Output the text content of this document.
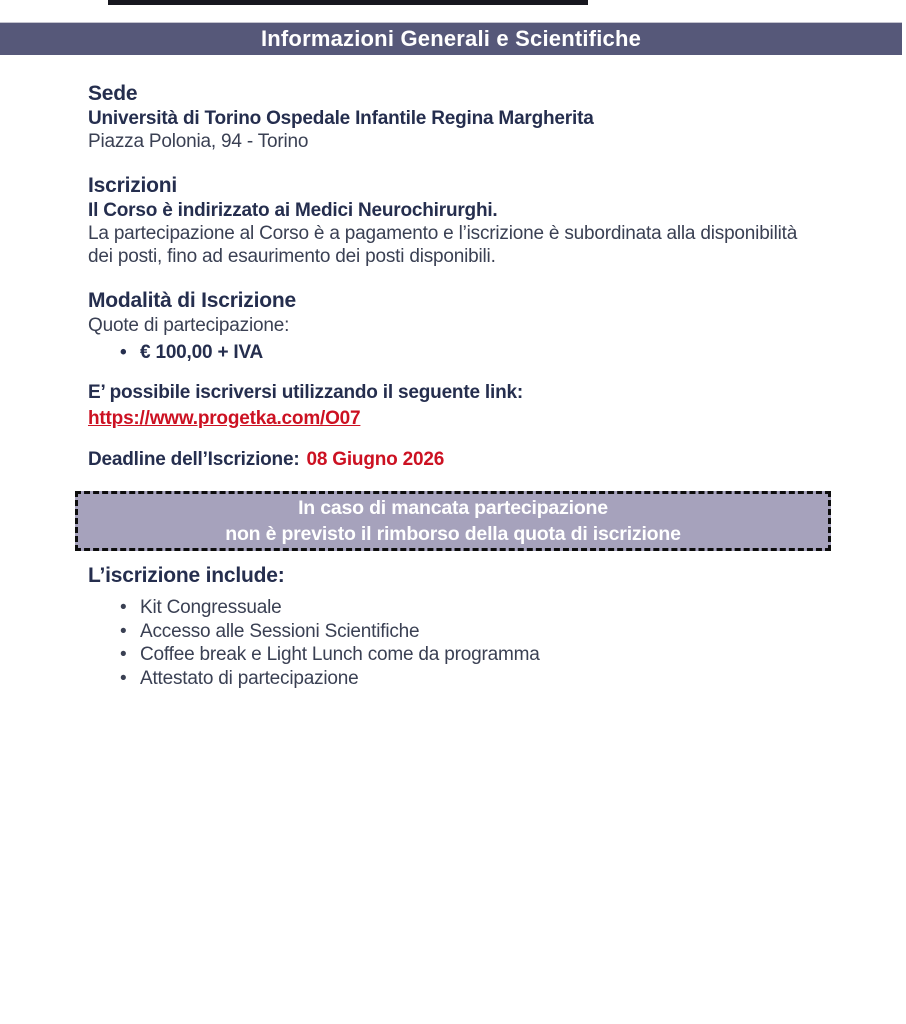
Informazioni Generali e Scientifiche
Sede
Università di Torino Ospedale Infantile Regina Margherita
Piazza Polonia, 94 - Torino
Iscrizioni
Il Corso è indirizzato ai Medici Neurochirurghi.
La partecipazione al Corso è a pagamento e l’iscrizione è subordinata alla disponibilità dei posti, fino ad esaurimento dei posti disponibili.
Modalità di Iscrizione
Quote di partecipazione:
• € 100,00 + IVA
E’ possibile iscriversi utilizzando il seguente link:
https://www.progetka.com/O07
Deadline dell’Iscrizione: 08 Giugno 2026
In caso di mancata partecipazione
non è previsto il rimborso della quota di iscrizione
L’iscrizione include:
• Kit Congressuale
• Accesso alle Sessioni Scientifiche
• Coffee break e Light Lunch come da programma
• Attestato di partecipazione
